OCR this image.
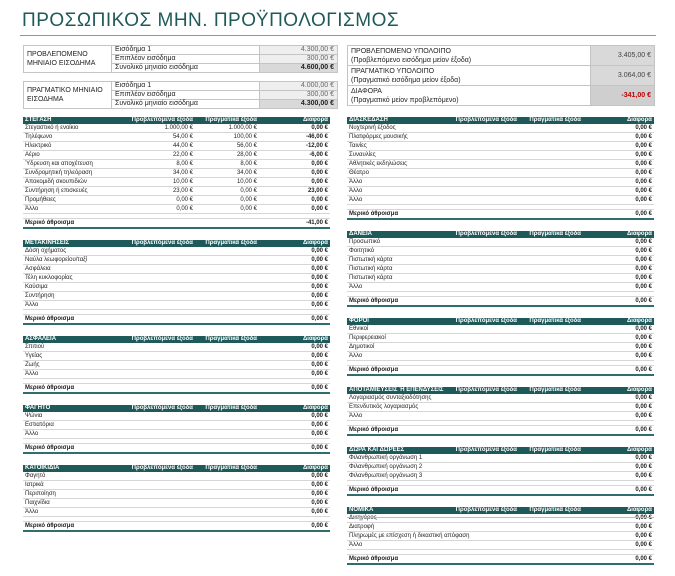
ΠΡΟΣΩΠΙΚΟΣ ΜΗΝ. ΠΡΟΫΠΟΛΟΓΙΣΜΟΣ
ΠΡΟΒΛΕΠΟΜΕΝΟ ΜΗΝΙΑΙΟ ΕΙΣΟΔΗΜΑ	Εισόδημα 1	4.300,00 €
	Επιπλέον εισόδημα	300,00 €
	Συνολικό μηνιαίο εισόδημα	4.600,00 €
ΠΡΑΓΜΑΤΙΚΟ ΜΗΝΙΑΙΟ ΕΙΣΟΔΗΜΑ	Εισόδημα 1	4.000,00 €
	Επιπλέον εισόδημα	300,00 €
	Συνολικό μηνιαίο εισόδημα	4.300,00 €
ΠΡΟΒΛΕΠΟΜΕΝΟ ΥΠΟΛΟΙΠΟ
(Προβλεπόμενο εισόδημα μείον έξοδα)	3.405,00 €

ΠΡΑΓΜΑΤΙΚΟ ΥΠΟΛΟΙΠΟ
(Πραγματικό εισόδημα μείον έξοδα)	3.064,00 €

ΔΙΑΦΟΡΑ
(Πραγματικό μείον προβλεπόμενο)	-341,00 €
ΣΤΕΓΑΣΗ	Προβλεπόμενα έξοδα	Πραγματικά έξοδα	Διαφορά
Στεγαστικό ή ενοίκιο	1.000,00 €	1.000,00 €	0,00 €
Τηλέφωνο	54,00 €	100,00 €	-46,00 €
Ηλεκτρικό	44,00 €	56,00 €	-12,00 €
Αέριο	22,00 €	28,00 €	-6,00 €
Ύδρευση και αποχέτευση	8,00 €	8,00 €	0,00 €
Συνδρομητική τηλεόραση	34,00 €	34,00 €	0,00 €
Αποκομιδή σκουπιδιών	10,00 €	10,00 €	0,00 €
Συντήρηση ή επισκευές	23,00 €	0,00 €	23,00 €
Προμήθειες	0,00 €	0,00 €	0,00 €
Άλλο	0,00 €	0,00 €	0,00 €

Μερικό άθροισμα			-41,00 €
ΜΕΤΑΚΙΝΗΣΕΙΣ	Προβλεπόμενα έξοδα	Πραγματικά έξοδα	Διαφορά
Δόση οχήματος			0,00 €
Ναύλα λεωφορείου/ταξί			0,00 €
Ασφάλεια			0,00 €
Τέλη κυκλοφορίας			0,00 €
Καύσιμα			0,00 €
Συντήρηση			0,00 €
Άλλο			0,00 €

Μερικό άθροισμα			0,00 €
ΑΣΦΑΛΕΙΑ	Προβλεπόμενα έξοδα	Πραγματικά έξοδα	Διαφορά
Σπιτιού			0,00 €
Υγείας			0,00 €
Ζωής			0,00 €
Άλλο			0,00 €

Μερικό άθροισμα			0,00 €
ΦΑΓΗΤΟ	Προβλεπόμενα έξοδα	Πραγματικά έξοδα	Διαφορά
Ψώνια			0,00 €
Εστιατόρια			0,00 €
Άλλο			0,00 €

Μερικό άθροισμα			0,00 €
ΚΑΤΟΙΚΙΔΙΑ	Προβλεπόμενα έξοδα	Πραγματικά έξοδα	Διαφορά
Φαγητό			0,00 €
Ιατρικά			0,00 €
Περιποίηση			0,00 €
Παιχνίδια			0,00 €
Άλλο			0,00 €

Μερικό άθροισμα			0,00 €
ΔΙΑΣΚΕΔΑΣΗ	Προβλεπόμενα έξοδα	Πραγματικά έξοδα	Διαφορά
Νυχτερινή έξοδος			0,00 €
Πλατφόρμες μουσικής			0,00 €
Ταινίες			0,00 €
Συναυλίες			0,00 €
Αθλητικές εκδηλώσεις			0,00 €
Θέατρο			0,00 €
Άλλο			0,00 €
Άλλο			0,00 €
Άλλο			0,00 €

Μερικό άθροισμα			0,00 €
ΔΑΝΕΙΑ	Προβλεπόμενα έξοδα	Πραγματικά έξοδα	Διαφορά
Προσωπικό			0,00 €
Φοιτητικό			0,00 €
Πιστωτική κάρτα			0,00 €
Πιστωτική κάρτα			0,00 €
Πιστωτική κάρτα			0,00 €
Άλλο			0,00 €

Μερικό άθροισμα			0,00 €
ΦΟΡΟΙ	Προβλεπόμενα έξοδα	Πραγματικά έξοδα	Διαφορά
Εθνικοί			0,00 €
Περιφερειακοί			0,00 €
Δημοτικοί			0,00 €
Άλλο			0,00 €

Μερικό άθροισμα			0,00 €
ΑΠΟΤΑΜΙΕΥΣΕΙΣ Ή ΕΠΕΝΔΥΣΕΙΣ	Προβλεπόμενα έξοδα	Πραγματικά έξοδα	Διαφορά
Λογαριασμός συνταξιοδότησης			0,00 €
Επενδυτικός λογαριασμός			0,00 €
Άλλο			0,00 €

Μερικό άθροισμα			0,00 €
ΔΩΡΑ ΚΑΙ ΔΩΡΕΕΣ	Προβλεπόμενα έξοδα	Πραγματικά έξοδα	Διαφορά
Φιλανθρωπική οργάνωση 1			0,00 €
Φιλανθρωπική οργάνωση 2			0,00 €
Φιλανθρωπική οργάνωση 3			0,00 €

Μερικό άθροισμα			0,00 €
ΝΟΜΙΚΑ	Προβλεπόμενα έξοδα	Πραγματικά έξοδα	Διαφορά
Δικηγόρος			0,00 €
Διατροφή			0,00 €
Πληρωμές με επίσχεση ή δικαστική απόφαση			0,00 €
Άλλο			0,00 €

Μερικό άθροισμα			0,00 €
